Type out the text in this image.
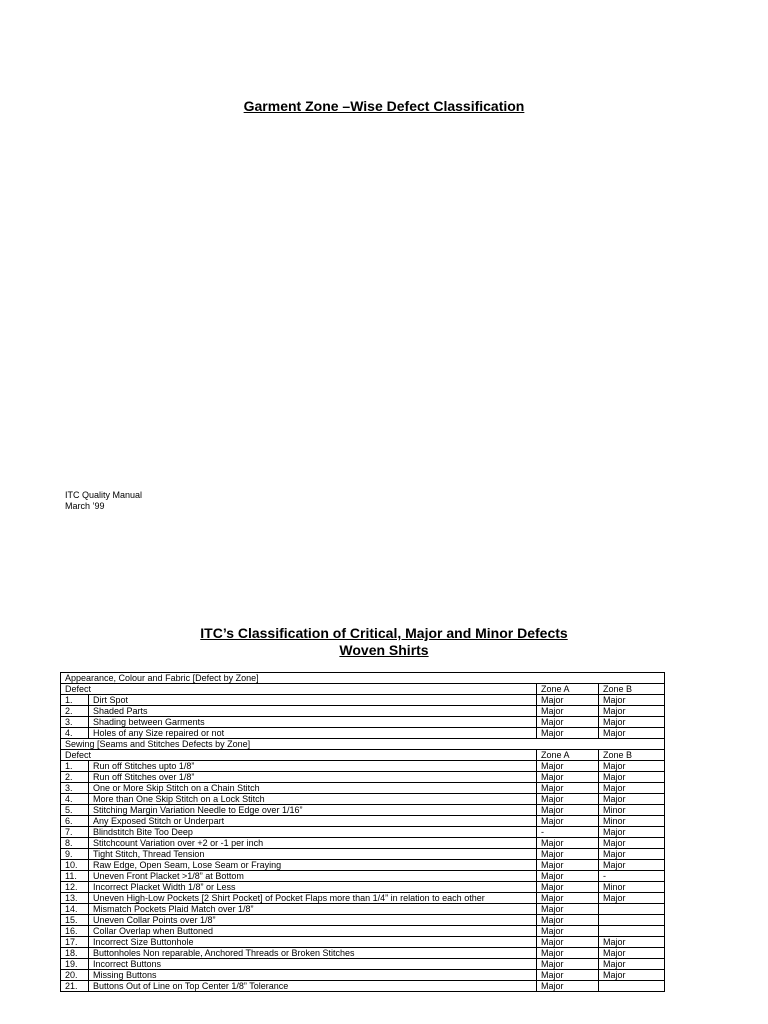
Garment Zone –Wise Defect Classification
ITC Quality Manual
March ’99
ITC’s Classification of Critical, Major and Minor Defects
Woven Shirts
Appearance, Colour and Fabric [Defect by Zone]			
Defect		Zone A	Zone B
1.	Dirt Spot	Major	Major
2.	Shaded Parts	Major	Major
3.	Shading between Garments	Major	Major
4.	Holes of any Size repaired or not	Major	Major
Sewing [Seams and Stitches Defects by Zone]			
Defect		Zone A	Zone B
1.	Run off Stitches upto 1/8”	Major	Major
2.	Run off Stitches over 1/8”	Major	Major
3.	One or More Skip Stitch on a Chain Stitch	Major	Major
4.	More than One Skip Stitch on a Lock Stitch	Major	Major
5.	Stitching Margin Variation Needle to Edge over 1/16”	Major	Minor
6.	Any Exposed Stitch or Underpart	Major	Minor
7.	Blindstitch Bite Too Deep	-	Major
8.	Stitchcount Variation over +2 or -1 per inch	Major	Major
9.	Tight Stitch, Thread Tension	Major	Major
10.	Raw Edge, Open Seam, Lose Seam or Fraying	Major	Major
11.	Uneven Front Placket >1/8” at Bottom	Major	-
12.	Incorrect Placket Width 1/8” or Less	Major	Minor
13.	Uneven High-Low Pockets [2 Shirt Pocket] of Pocket Flaps more than 1/4” in relation to each other	Major	Major
14.	Mismatch Pockets Plaid Match over 1/8”	Major	
15.	Uneven Collar Points over 1/8”	Major	
16.	Collar Overlap when Buttoned	Major	
17.	Incorrect Size Buttonhole	Major	Major
18.	Buttonholes Non reparable, Anchored Threads or Broken Stitches	Major	Major
19.	Incorrect Buttons	Major	Major
20.	Missing Buttons	Major	Major
21.	Buttons Out of Line on Top Center 1/8” Tolerance	Major	
